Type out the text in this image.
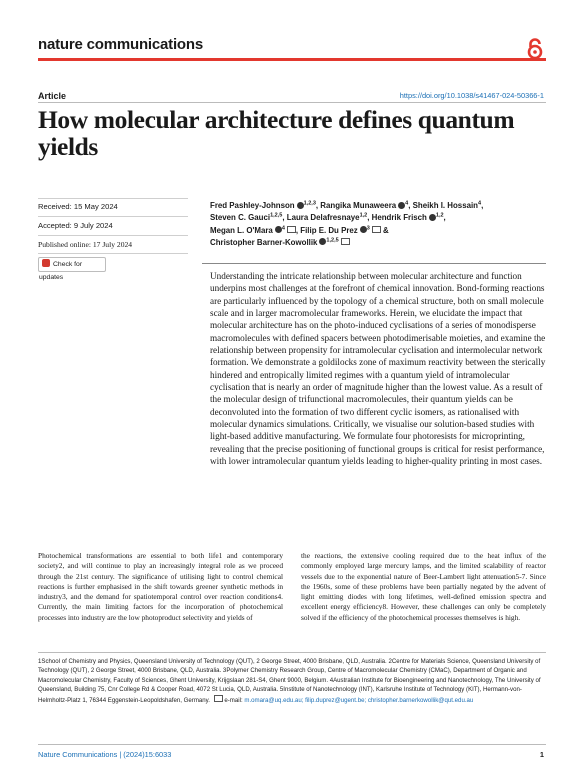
nature communications
Article	https://doi.org/10.1038/s41467-024-50366-1
How molecular architecture defines quantum yields
Received: 15 May 2024
Accepted: 9 July 2024
Published online: 17 July 2024
Check for updates
Fred Pashley-Johnson $^{1,2,3}$, Rangika Munaweera $^4$, Sheikh I. Hossain$^4$,
Steven C. Gauci$^{1,2,5}$, Laura Delafresnaye$^{1,2}$, Hendrik Frisch $^{1,2}$,
Megan L. O'Mara $^4$ , Filip E. Du Prez $^3$ &
Christopher Barner-Kowollik $^{1,2,5}$
Understanding the intricate relationship between molecular architecture and function underpins most challenges at the forefront of chemical innovation. Bond-forming reactions are particularly influenced by the topology of a chemical structure, both on small molecule scale and in larger macromolecular frameworks. Herein, we elucidate the impact that molecular architecture has on the photo-induced cyclisations of a series of monodisperse macromolecules with defined spacers between photodimerisable moieties, and examine the relationship between propensity for intramolecular cyclisation and intermolecular network formation. We demonstrate a goldilocks zone of maximum reactivity between the sterically hindered and entropically limited regimes with a quantum yield of intramolecular cyclisation that is nearly an order of magnitude higher than the lowest value. As a result of the molecular design of trifunctional macromolecules, their quantum yields can be deconvoluted into the formation of two different cyclic isomers, as rationalised with molecular dynamics simulations. Critically, we visualise our solution-based studies with light-based additive manufacturing. We formulate four photoresists for microprinting, revealing that the precise positioning of functional groups is critical for resist performance, with lower intramolecular quantum yields leading to higher-quality printing in most cases.
Photochemical transformations are essential to both life1 and contemporary society2, and will continue to play an increasingly integral role as we proceed through the 21st century. The significance of utilising light to control chemical reactions is further emphasised in the shift towards greener synthetic methods in industry3, and the demand for spatiotemporal control over reaction conditions4. Currently, the main limiting factors for the incorporation of photochemical processes into industry are the low photoproduct selectivity and yields of
the reactions, the extensive cooling required due to the heat influx of the commonly employed large mercury lamps, and the limited scalability of reactor vessels due to the exponential nature of Beer-Lambert light attenuation5-7. Since the 1960s, some of these problems have been partially negated by the advent of light emitting diodes with long lifetimes, well-defined emission spectra and excellent energy efficiency8. However, these challenges can only be completely solved if the efficiency of the photochemical processes themselves is high.
1School of Chemistry and Physics, Queensland University of Technology (QUT), 2 George Street, 4000 Brisbane, QLD, Australia. 2Centre for Materials Science, Queensland University of Technology (QUT), 2 George Street, 4000 Brisbane, QLD, Australia. 3Polymer Chemistry Research Group, Centre of Macromolecular Chemistry (CMaC), Department of Organic and Macromolecular Chemistry, Faculty of Sciences, Ghent University, Krijgslaan 281-S4, Ghent 9000, Belgium. 4Australian Institute for Bioengineering and Nanotechnology, The University of Queensland, Building 75, Cnr College Rd & Cooper Road, 4072 St Lucia, QLD, Australia. 5Institute of Nanotechnology (INT), Karlsruhe Institute of Technology (KIT), Hermann-von-Helmholtz-Platz 1, 76344 Eggenstein-Leopoldshafen, Germany. e-mail: m.omara@uq.edu.au; filip.duprez@ugent.be; christopher.barnerkowollik@qut.edu.au
Nature Communications | (2024)15:6033	1
